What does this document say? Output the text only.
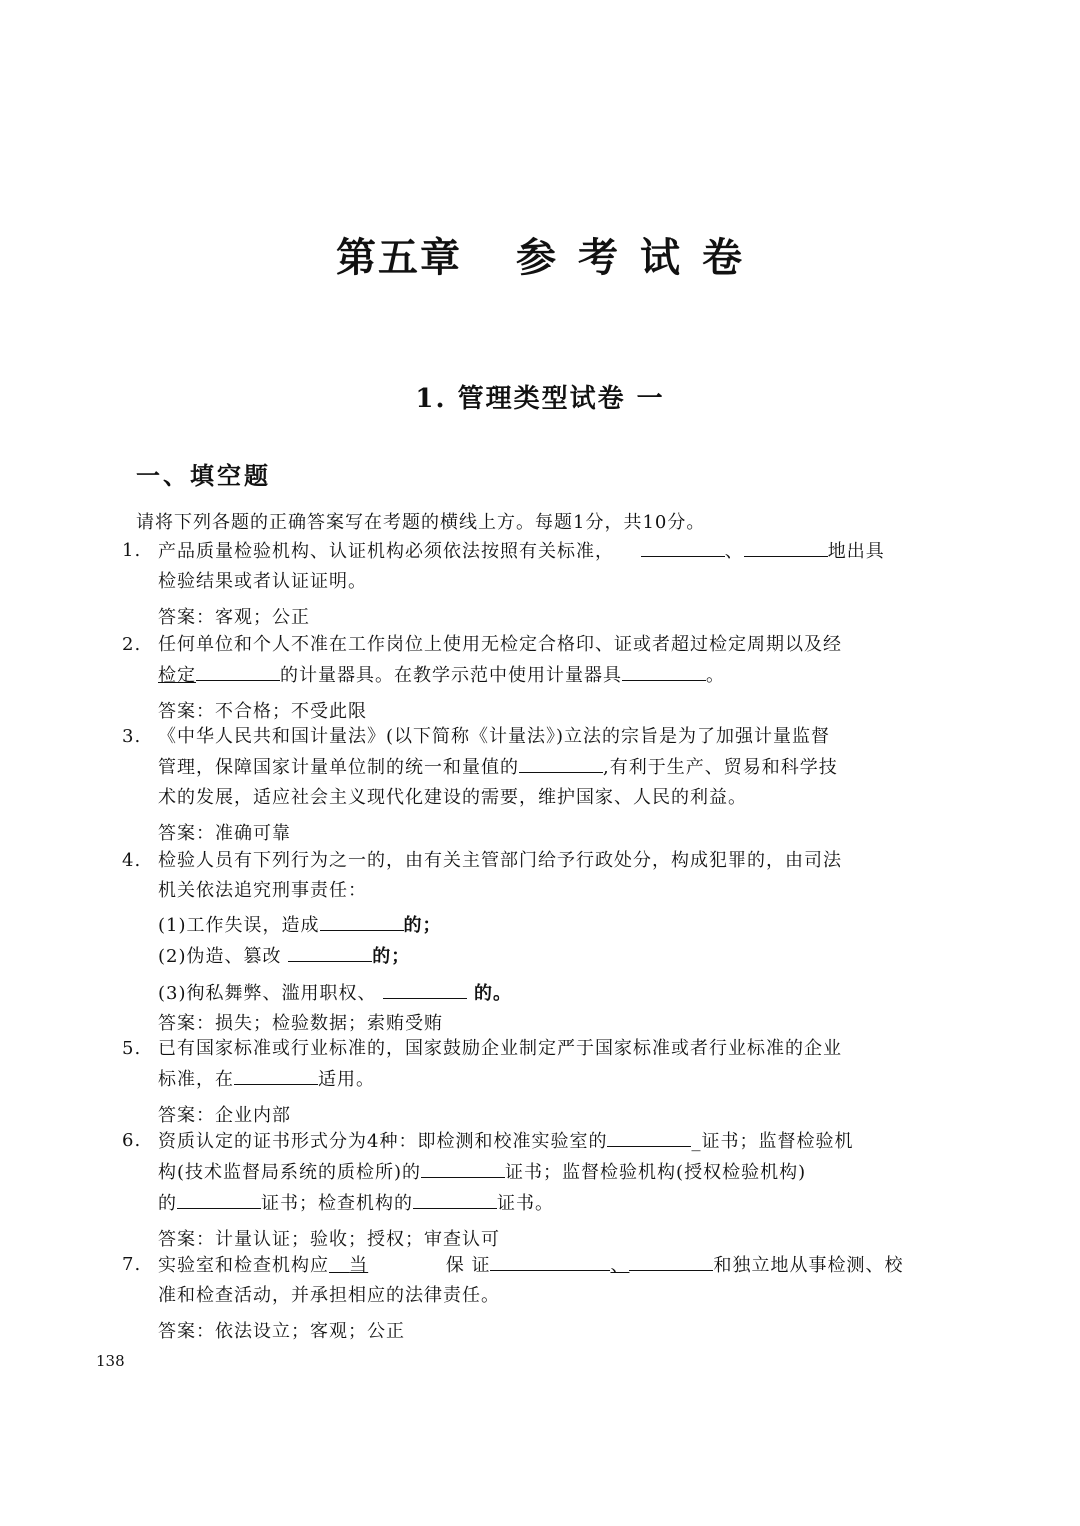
第五章 参 考 试 卷
1. 管理类型试卷 一
一、填空题
请将下列各题的正确答案写在考题的横线上方。每题1分，共10分。
1. 产品质量检验机构、认证机构必须依法按照有关标准，	、	地出具
检验结果或者认证证明。
答案：客观；公正
2. 任何单位和个人不准在工作岗位上使用无检定合格印、证或者超过检定周期以及经
检定	的计量器具。在教学示范中使用计量器具	。
答案：不合格；不受此限
3. 《中华人民共和国计量法》(以下简称《计量法》)立法的宗旨是为了加强计量监督
管理，保障国家计量单位制的统一和量值的	,有利于生产、贸易和科学技
术的发展，适应社会主义现代化建设的需要，维护国家、人民的利益。
答案：准确可靠
4. 检验人员有下列行为之一的，由有关主管部门给予行政处分，构成犯罪的，由司法
机关依法追究刑事责任：
(1)工作失误，造成	的；
(2)伪造、篡改	的；
(3)徇私舞弊、滥用职权、	的。
答案：损失；检验数据；索贿受贿
5. 已有国家标准或行业标准的，国家鼓励企业制定严于国家标准或者行业标准的企业
标准，在	适用。
答案：企业内部
6. 资质认定的证书形式分为4种：即检测和校准实验室的	_证书；监督检验机
构(技术监督局系统的质检所)的	证书；监督检验机构(授权检验机构)
的	证书；检查机构的	证书。
答案：计量认证；验收；授权；审查认可
7. 实验室和检查机构应 当	保 证	、	和独立地从事检测、校
准和检查活动，并承担相应的法律责任。
答案：依法设立；客观；公正
138
